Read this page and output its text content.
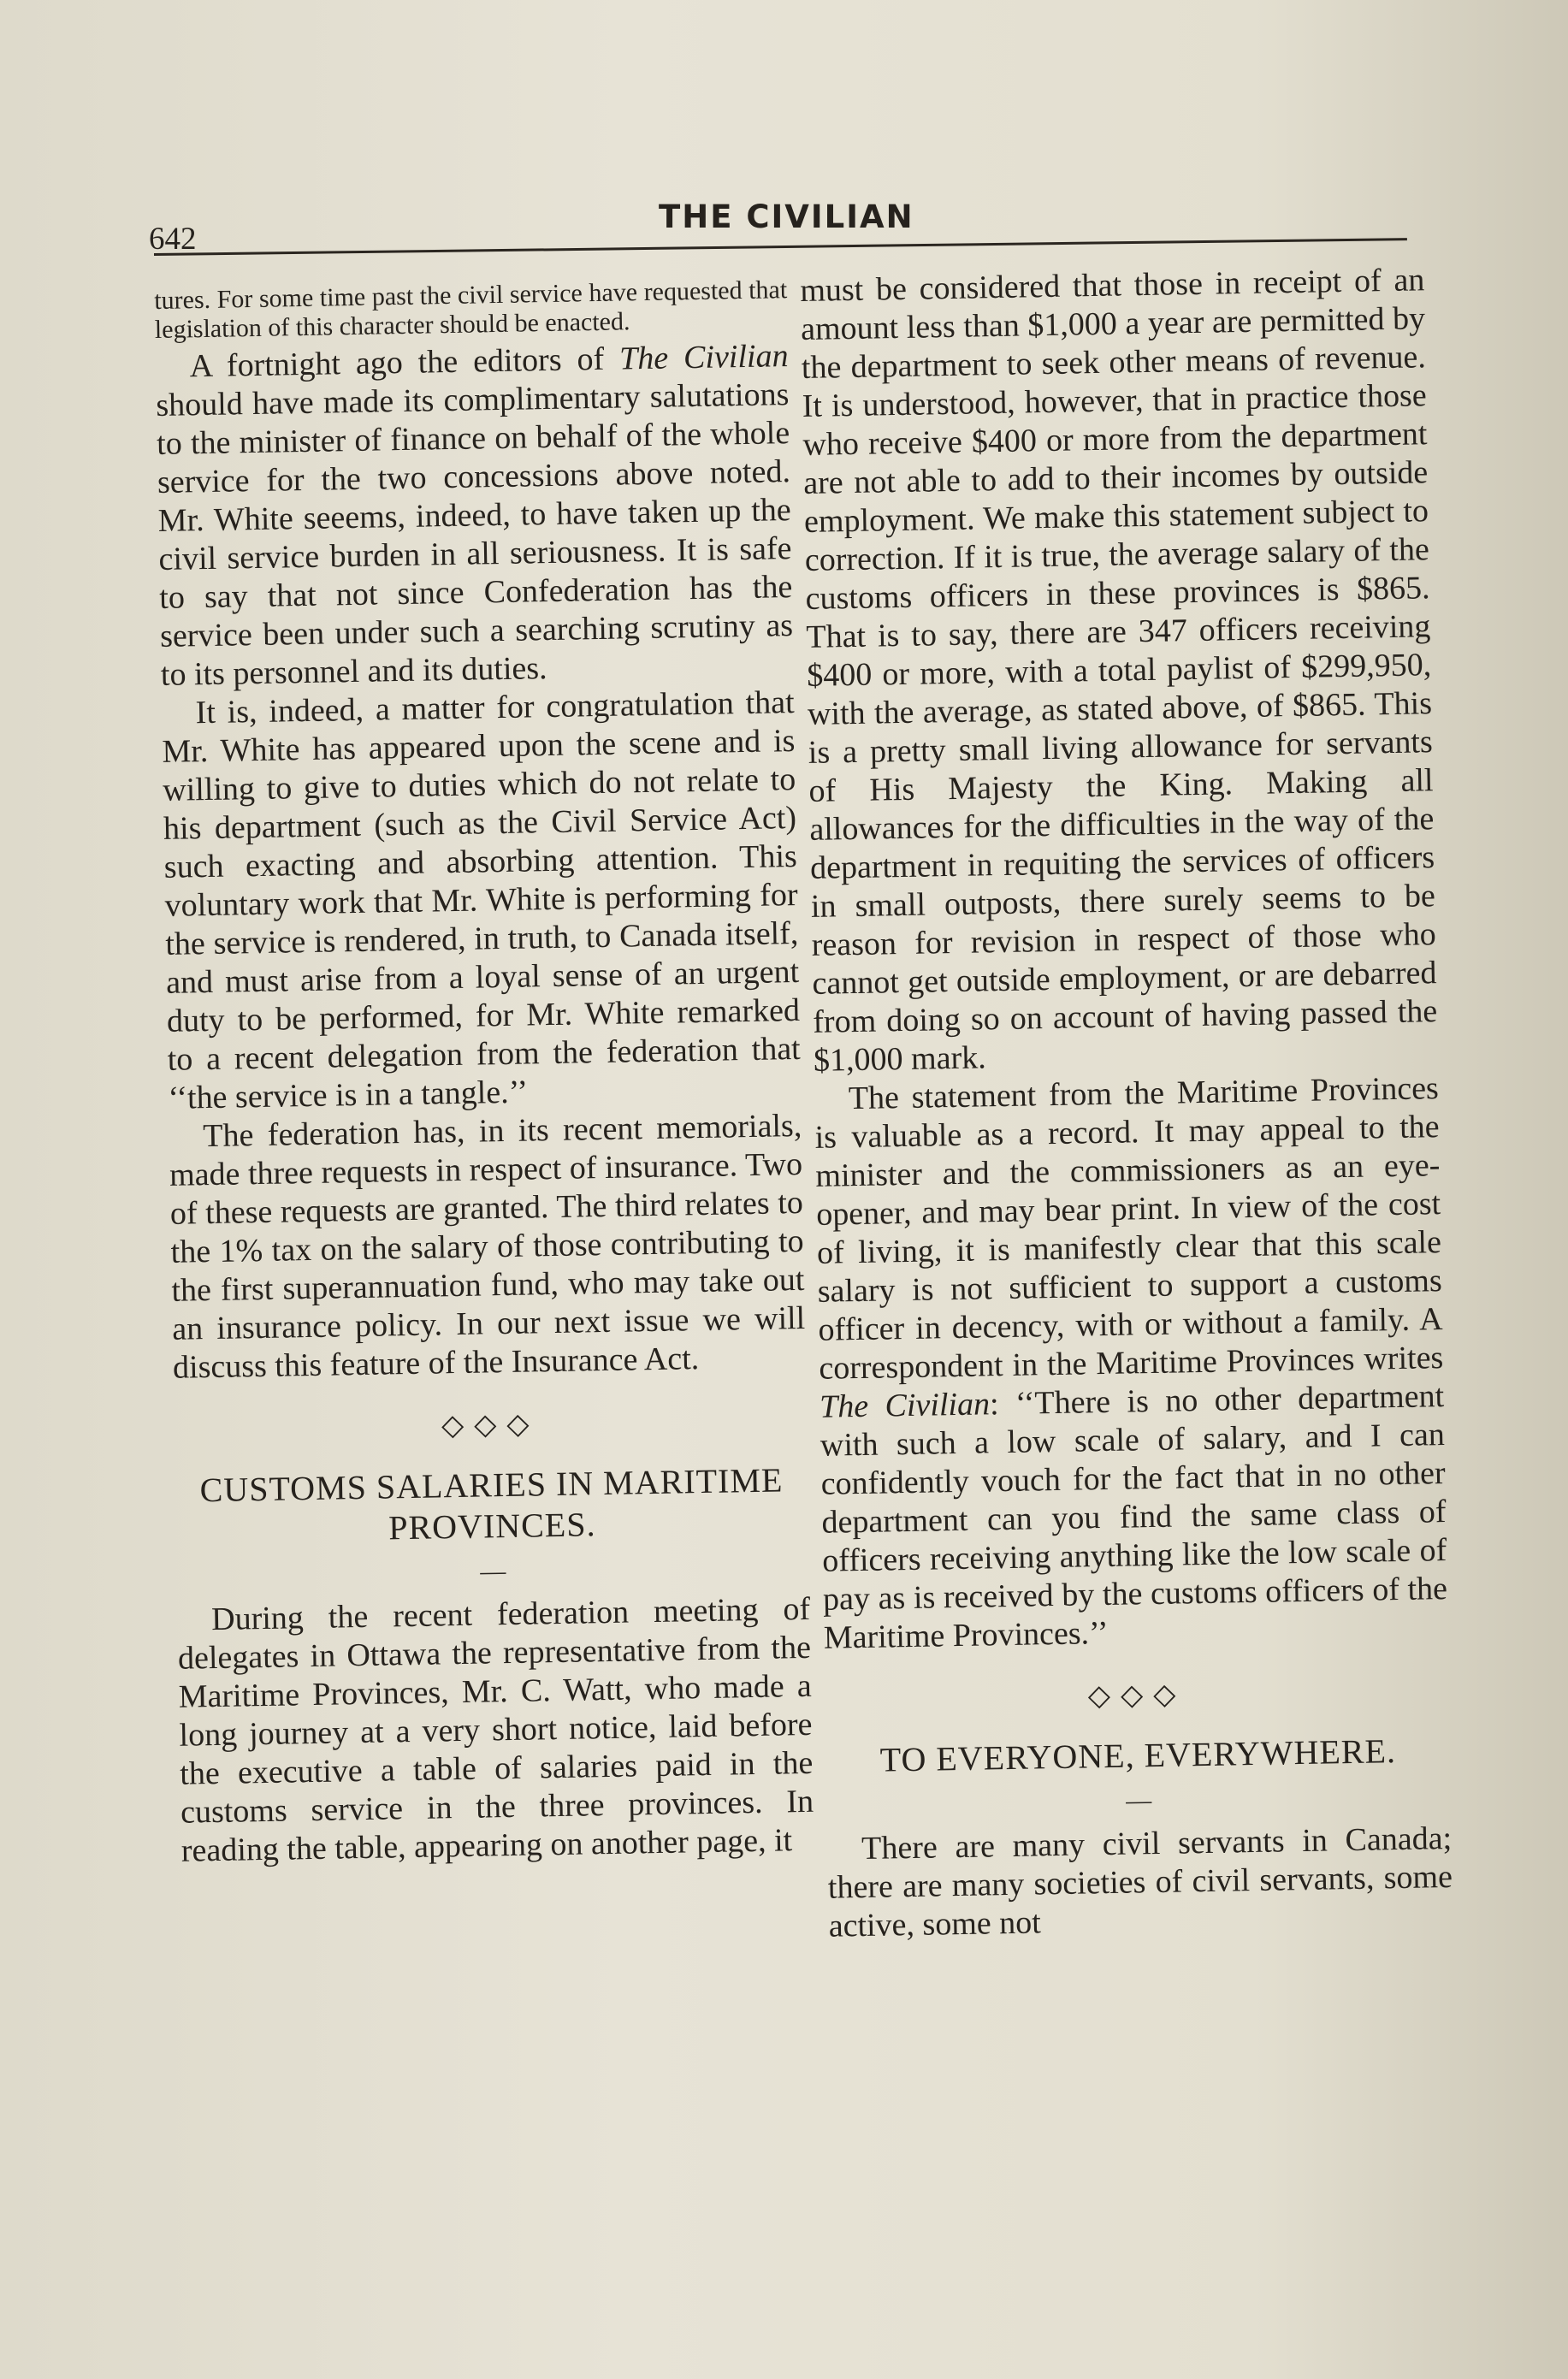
642
THE CIVILIAN

tures. For some time past the civil service have requested that legislation of this character should be enacted.

A fortnight ago the editors of The Civilian should have made its complimentary salutations to the minister of finance on behalf of the whole service for the two concessions above noted. Mr. White seeems, indeed, to have taken up the civil service burden in all seriousness. It is safe to say that not since Confederation has the service been under such a searching scrutiny as to its personnel and its duties.

It is, indeed, a matter for congratulation that Mr. White has appeared upon the scene and is willing to give to duties which do not relate to his department (such as the Civil Service Act) such exacting and absorbing attention. This voluntary work that Mr. White is performing for the service is rendered, in truth, to Canada itself, and must arise from a loyal sense of an urgent duty to be performed, for Mr. White remarked to a recent delegation from the federation that ‘‘the service is in a tangle.’’

The federation has, in its recent memorials, made three requests in respect of insurance. Two of these requests are granted. The third relates to the 1% tax on the salary of those contributing to the first superannuation fund, who may take out an insurance policy. In our next issue we will discuss this feature of the Insurance Act.

◇◇◇
CUSTOMS SALARIES IN MARITIME PROVINCES.
—

During the recent federation meeting of delegates in Ottawa the representative from the Maritime Provinces, Mr. C. Watt, who made a long journey at a very short notice, laid before the executive a table of salaries paid in the customs service in the three provinces. In reading the table, appearing on another page, it

must be considered that those in receipt of an amount less than $1,000 a year are permitted by the department to seek other means of revenue. It is understood, however, that in practice those who receive $400 or more from the department are not able to add to their incomes by outside employment. We make this statement subject to correction. If it is true, the average salary of the customs officers in these provinces is $865. That is to say, there are 347 officers receiving $400 or more, with a total paylist of $299,950, with the average, as stated above, of $865. This is a pretty small living allowance for servants of His Majesty the King. Making all allowances for the difficulties in the way of the department in requiting the services of officers in small outposts, there surely seems to be reason for revision in respect of those who cannot get outside employment, or are debarred from doing so on account of having passed the $1,000 mark.

The statement from the Maritime Provinces is valuable as a record. It may appeal to the minister and the commissioners as an eye-opener, and may bear print. In view of the cost of living, it is manifestly clear that this scale salary is not sufficient to support a customs officer in decency, with or without a family. A correspondent in the Maritime Provinces writes The Civilian: ‘‘There is no other department with such a low scale of salary, and I can confidently vouch for the fact that in no other department can you find the same class of officers receiving anything like the low scale of pay as is received by the customs officers of the Maritime Provinces.’’

◇◇◇
TO EVERYONE, EVERYWHERE.
—

There are many civil servants in Canada; there are many societies of civil servants, some active, some not
